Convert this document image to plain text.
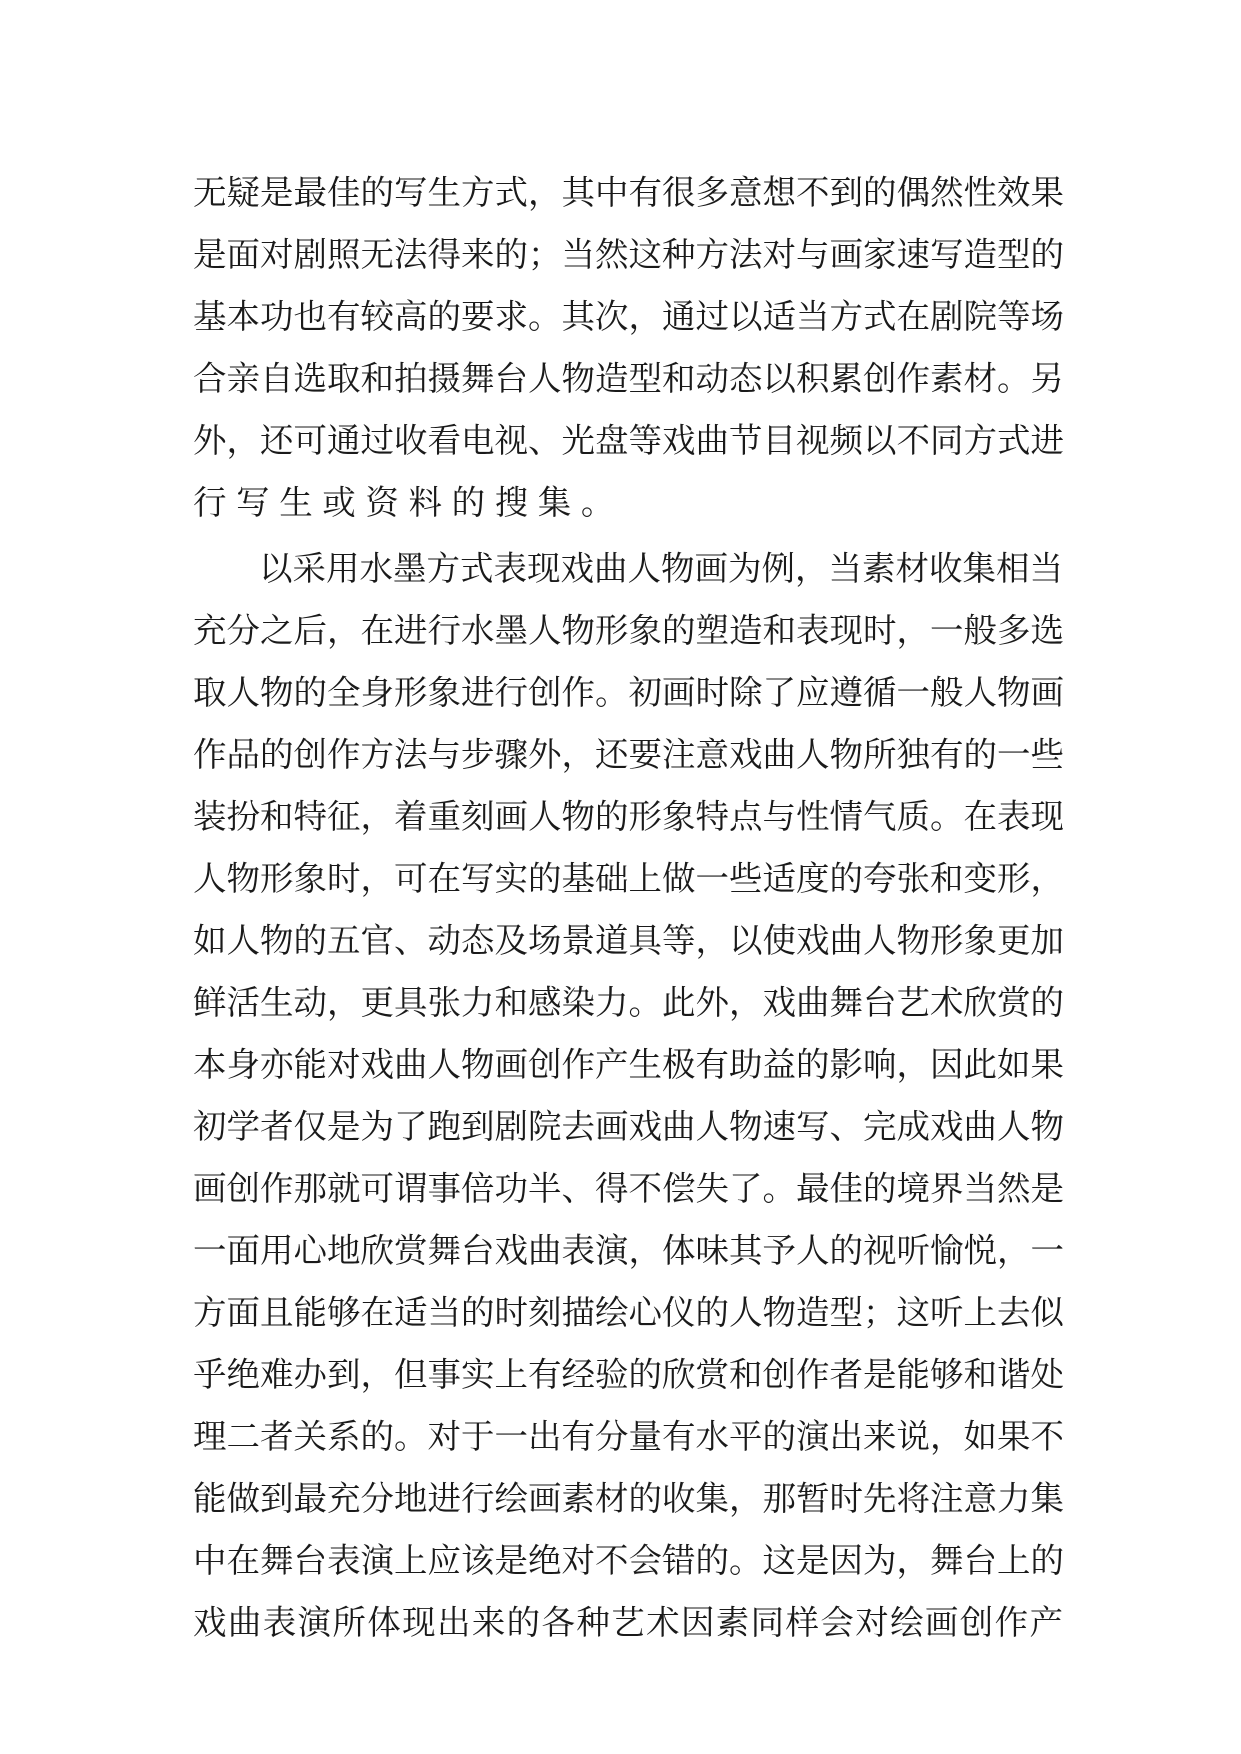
无疑是最佳的写生方式，其中有很多意想不到的偶然性效果
是面对剧照无法得来的；当然这种方法对与画家速写造型的
基本功也有较高的要求。其次，通过以适当方式在剧院等场
合亲自选取和拍摄舞台人物造型和动态以积累创作素材。另
外，还可通过收看电视、光盘等戏曲节目视频以不同方式进
行写生或资料的搜集。
以采用水墨方式表现戏曲人物画为例，当素材收集相当
充分之后，在进行水墨人物形象的塑造和表现时，一般多选
取人物的全身形象进行创作。初画时除了应遵循一般人物画
作品的创作方法与步骤外，还要注意戏曲人物所独有的一些
装扮和特征，着重刻画人物的形象特点与性情气质。在表现
人物形象时，可在写实的基础上做一些适度的夸张和变形，
如人物的五官、动态及场景道具等，以使戏曲人物形象更加
鲜活生动，更具张力和感染力。此外，戏曲舞台艺术欣赏的
本身亦能对戏曲人物画创作产生极有助益的影响，因此如果
初学者仅是为了跑到剧院去画戏曲人物速写、完成戏曲人物
画创作那就可谓事倍功半、得不偿失了。最佳的境界当然是
一面用心地欣赏舞台戏曲表演，体味其予人的视听愉悦，一
方面且能够在适当的时刻描绘心仪的人物造型；这听上去似
乎绝难办到，但事实上有经验的欣赏和创作者是能够和谐处
理二者关系的。对于一出有分量有水平的演出来说，如果不
能做到最充分地进行绘画素材的收集，那暂时先将注意力集
中在舞台表演上应该是绝对不会错的。这是因为，舞台上的
戏曲表演所体现出来的各种艺术因素同样会对绘画创作产
